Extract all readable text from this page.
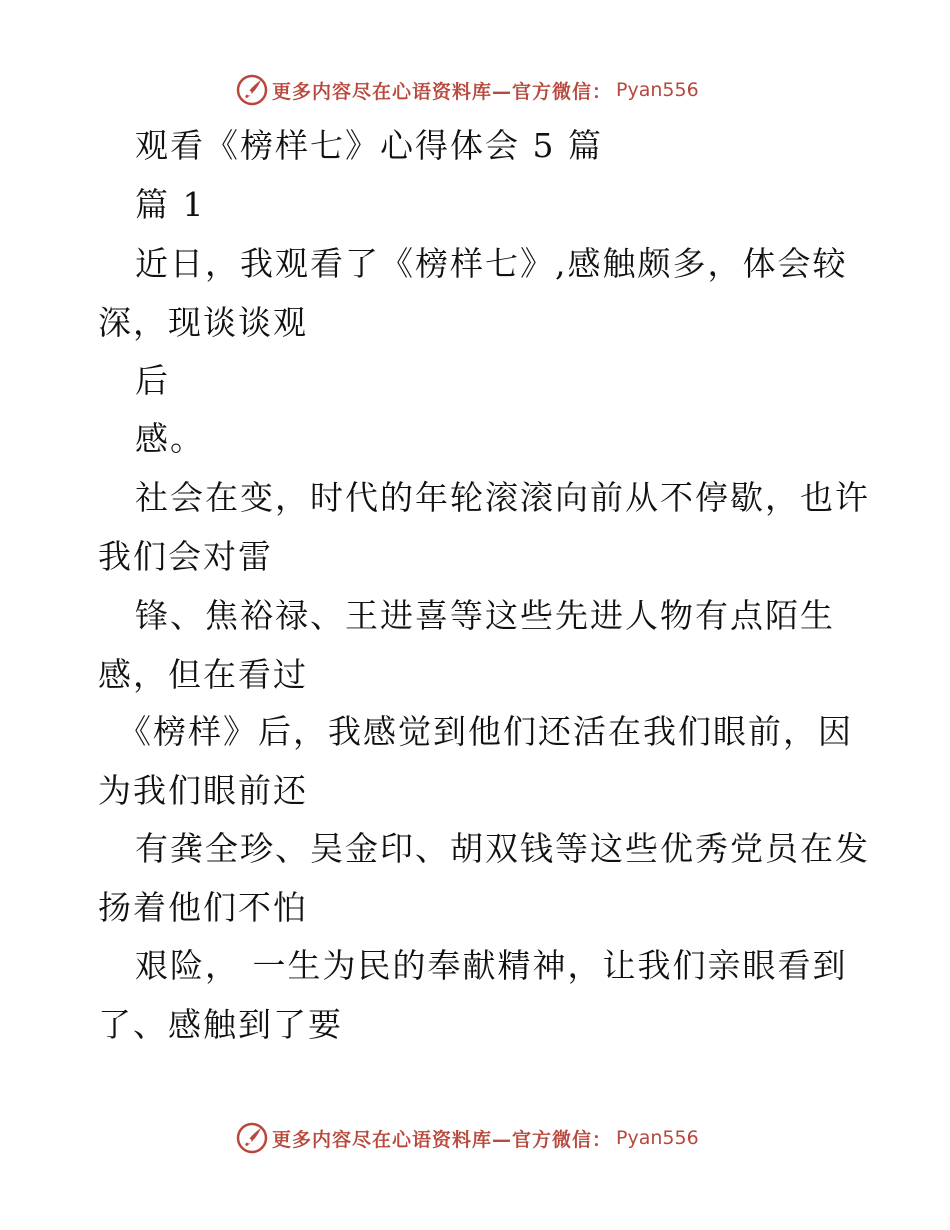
更多内容尽在心语资料库—官方微信： Pyan556
观看《榜样七》心得体会 5 篇
篇 1
近日，我观看了《榜样七》,感触颇多，体会较
深，现谈谈观
后
感。
社会在变，时代的年轮滚滚向前从不停歇，也许
我们会对雷
锋、焦裕禄、王进喜等这些先进人物有点陌生
感，但在看过
《榜样》后，我感觉到他们还活在我们眼前，因
为我们眼前还
有龚全珍、吴金印、胡双钱等这些优秀党员在发
扬着他们不怕
艰险， 一生为民的奉献精神，让我们亲眼看到
了、感触到了要
更多内容尽在心语资料库—官方微信： Pyan556
